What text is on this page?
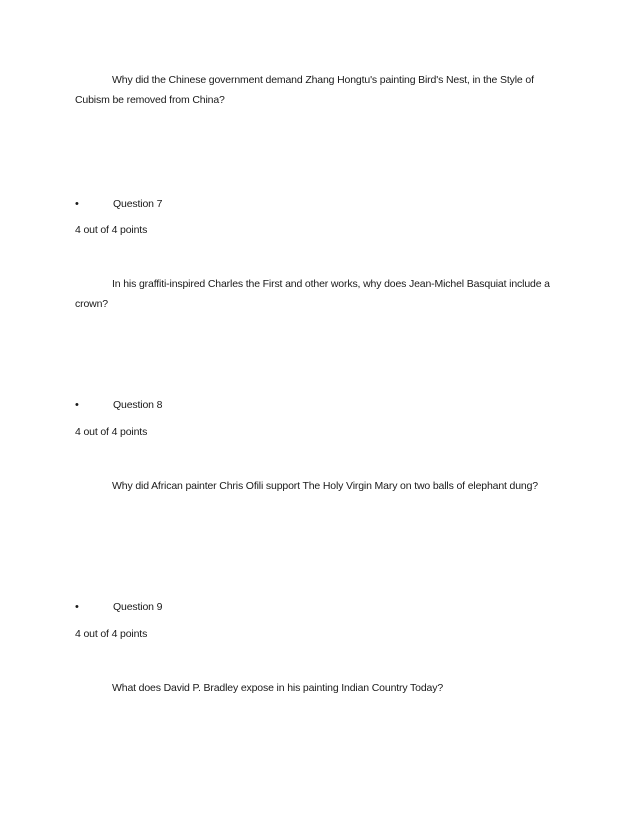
Why did the Chinese government demand Zhang Hongtu's painting Bird's Nest, in the Style of Cubism be removed from China?
•	Question 7
4 out of 4 points
In his graffiti-inspired Charles the First and other works, why does Jean-Michel Basquiat include a crown?
•	Question 8
4 out of 4 points
Why did African painter Chris Ofili support The Holy Virgin Mary on two balls of elephant dung?
•	Question 9
4 out of 4 points
What does David P. Bradley expose in his painting Indian Country Today?
